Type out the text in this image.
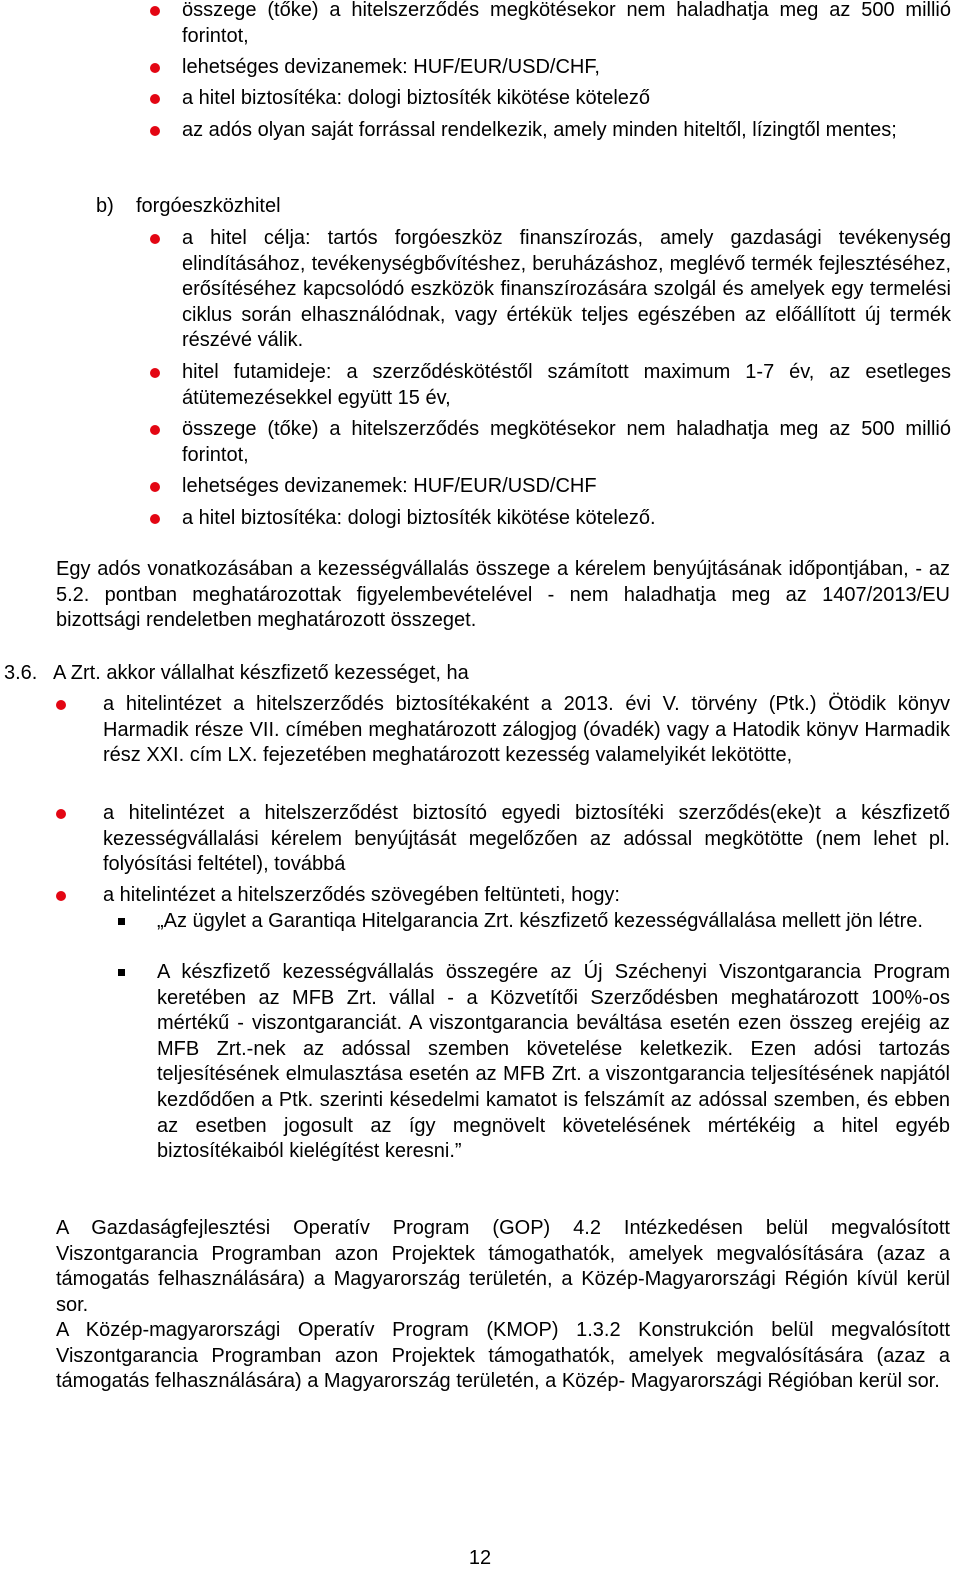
összege (tőke) a hitelszerződés megkötésekor nem haladhatja meg az 500 millió forintot,
lehetséges devizanemek: HUF/EUR/USD/CHF,
a hitel biztosítéka: dologi biztosíték kikötése kötelező
az adós olyan saját forrással rendelkezik, amely minden hiteltől, lízingtől mentes;
b) forgóeszközhitel
a hitel célja: tartós forgóeszköz finanszírozás, amely gazdasági tevékenység elindításához, tevékenységbővítéshez, beruházáshoz, meglévő termék fejlesztéséhez, erősítéséhez kapcsolódó eszközök finanszírozására szolgál és amelyek egy termelési ciklus során elhasználódnak, vagy értékük teljes egészében az előállított új termék részévé válik.
hitel futamideje: a szerződéskötéstől számított maximum 1-7 év, az esetleges átütemezésekkel együtt 15 év,
összege (tőke) a hitelszerződés megkötésekor nem haladhatja meg az 500 millió forintot,
lehetséges devizanemek: HUF/EUR/USD/CHF
a hitel biztosítéka: dologi biztosíték kikötése kötelező.
Egy adós vonatkozásában a kezességvállalás összege a kérelem benyújtásának időpontjában, - az 5.2. pontban meghatározottak figyelembevételével - nem haladhatja meg az 1407/2013/EU bizottsági rendeletben meghatározott összeget.
3.6. A Zrt. akkor vállalhat készfizető kezességet, ha
a hitelintézet a hitelszerződés biztosítékaként a 2013. évi V. törvény (Ptk.) Ötödik könyv Harmadik része VII. címében meghatározott zálogjog (óvadék) vagy a Hatodik könyv Harmadik rész XXI. cím LX. fejezetében meghatározott kezesség valamelyikét lekötötte,
a hitelintézet a hitelszerződést biztosító egyedi biztosítéki szerződés(eke)t a készfizető kezességvállalási kérelem benyújtását megelőzően az adóssal megkötötte (nem lehet pl. folyósítási feltétel), továbbá
a hitelintézet a hitelszerződés szövegében feltünteti, hogy:
„Az ügylet a Garantiqa Hitelgarancia Zrt. készfizető kezességvállalása mellett jön létre.
A készfizető kezességvállalás összegére az Új Széchenyi Viszontgarancia Program keretében az MFB Zrt. vállal - a Közvetítői Szerződésben meghatározott 100%-os mértékű - viszontgaranciát. A viszontgarancia beváltása esetén ezen összeg erejéig az MFB Zrt.-nek az adóssal szemben követelése keletkezik. Ezen adósi tartozás teljesítésének elmulasztása esetén az MFB Zrt. a viszontgarancia teljesítésének napjától kezdődően a Ptk. szerinti késedelmi kamatot is felszámít az adóssal szemben, és ebben az esetben jogosult az így megnövelt követelésének mértékéig a hitel egyéb biztosítékaiból kielégítést keresni.”
A Gazdaságfejlesztési Operatív Program (GOP) 4.2 Intézkedésen belül megvalósított Viszontgarancia Programban azon Projektek támogathatók, amelyek megvalósítására (azaz a támogatás felhasználására) a Magyarország területén, a Közép-Magyarországi Régión kívül kerül sor.
A Közép-magyarországi Operatív Program (KMOP) 1.3.2 Konstrukción belül megvalósított Viszontgarancia Programban azon Projektek támogathatók, amelyek megvalósítására (azaz a támogatás felhasználására) a Magyarország területén, a Közép- Magyarországi Régióban kerül sor.
12
